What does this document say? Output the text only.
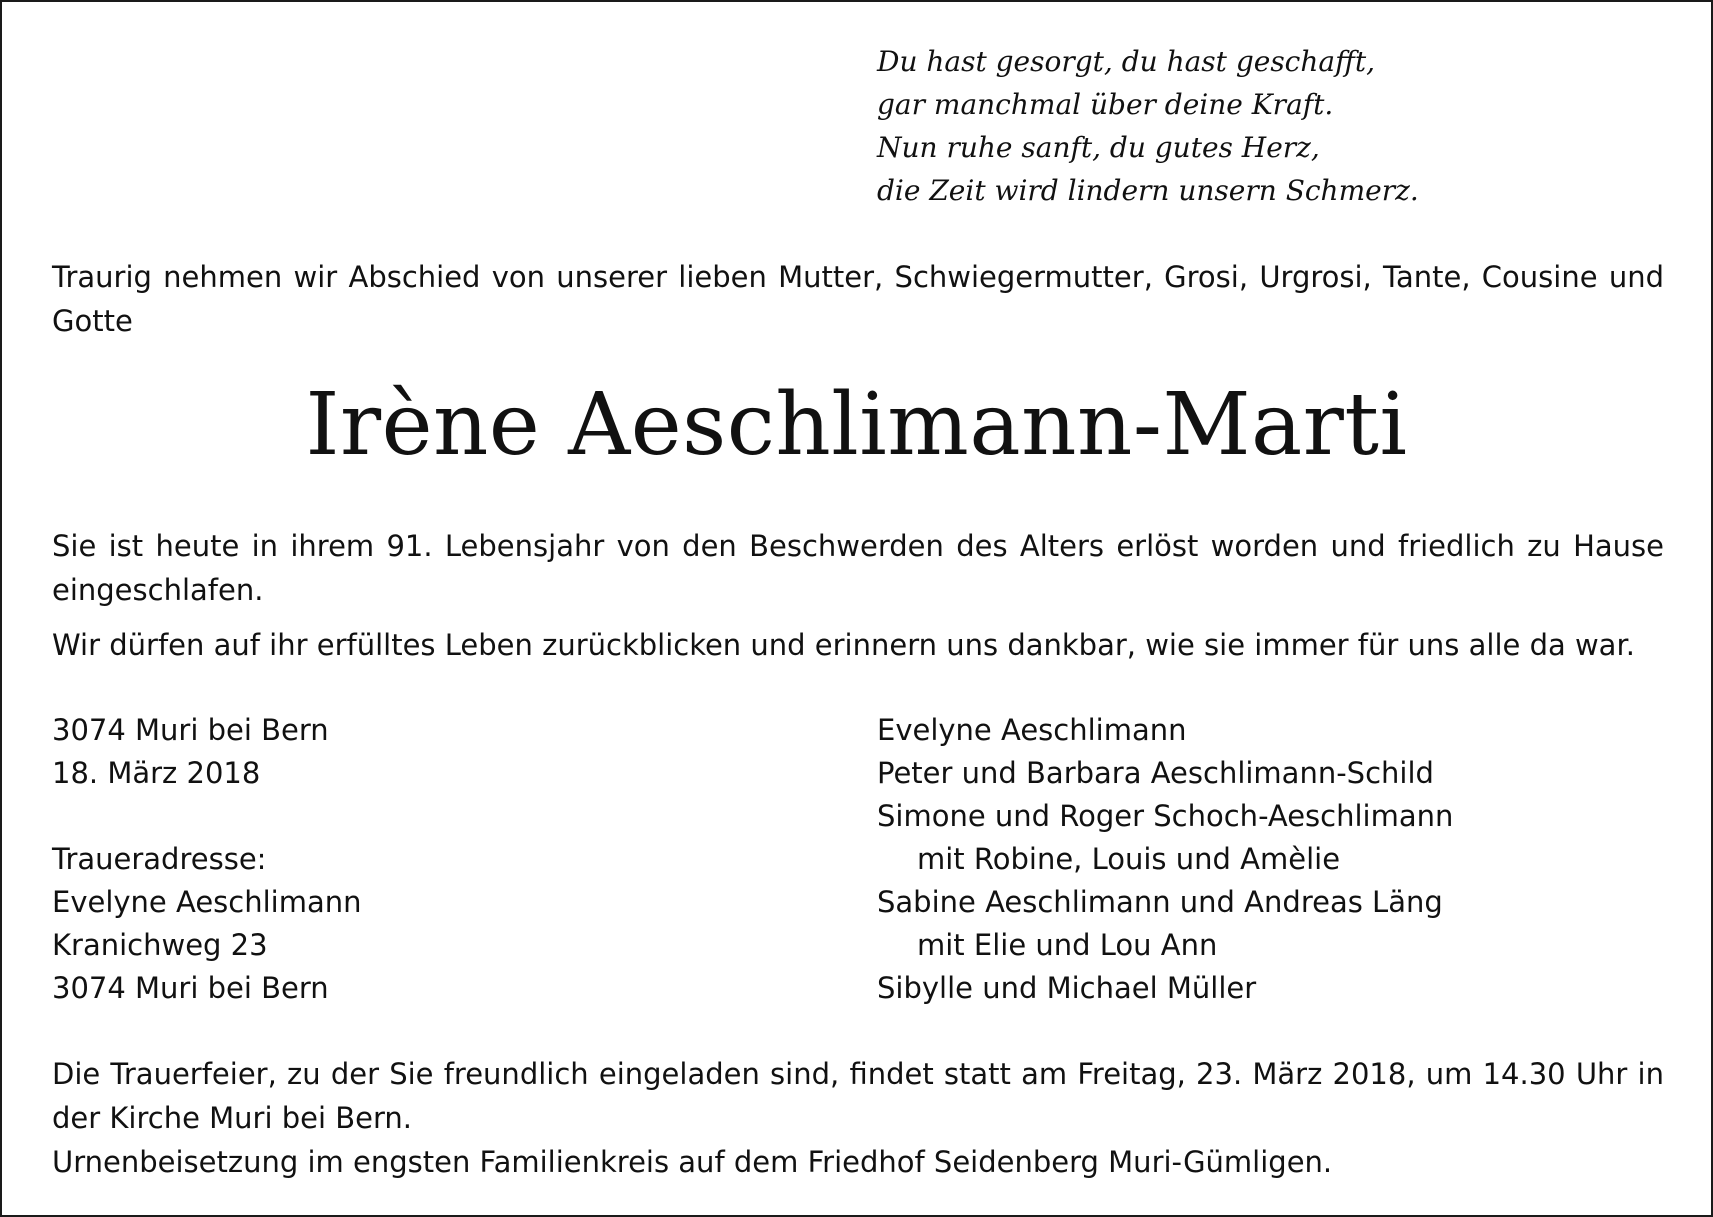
Du hast gesorgt, du hast geschafft,
gar manchmal über deine Kraft.
Nun ruhe sanft, du gutes Herz,
die Zeit wird lindern unsern Schmerz.
Traurig nehmen wir Abschied von unserer lieben Mutter, Schwiegermutter, Grosi, Urgrosi, Tante, Cousine und Gotte
Irène Aeschlimann-Marti
Sie ist heute in ihrem 91. Lebensjahr von den Beschwerden des Alters erlöst worden und friedlich zu Hause eingeschlafen.
Wir dürfen auf ihr erfülltes Leben zurückblicken und erinnern uns dankbar, wie sie immer für uns alle da war.
3074 Muri bei Bern
18. März 2018
Traueradresse:
Evelyne Aeschlimann
Kranichweg 23
3074 Muri bei Bern
Evelyne Aeschlimann
Peter und Barbara Aeschlimann-Schild
Simone und Roger Schoch-Aeschlimann
mit Robine, Louis und Amèlie
Sabine Aeschlimann und Andreas Läng
mit Elie und Lou Ann
Sibylle und Michael Müller
Die Trauerfeier, zu der Sie freundlich eingeladen sind, findet statt am Freitag, 23. März 2018, um 14.30 Uhr in der Kirche Muri bei Bern.
Urnenbeisetzung im engsten Familienkreis auf dem Friedhof Seidenberg Muri-Gümligen.
